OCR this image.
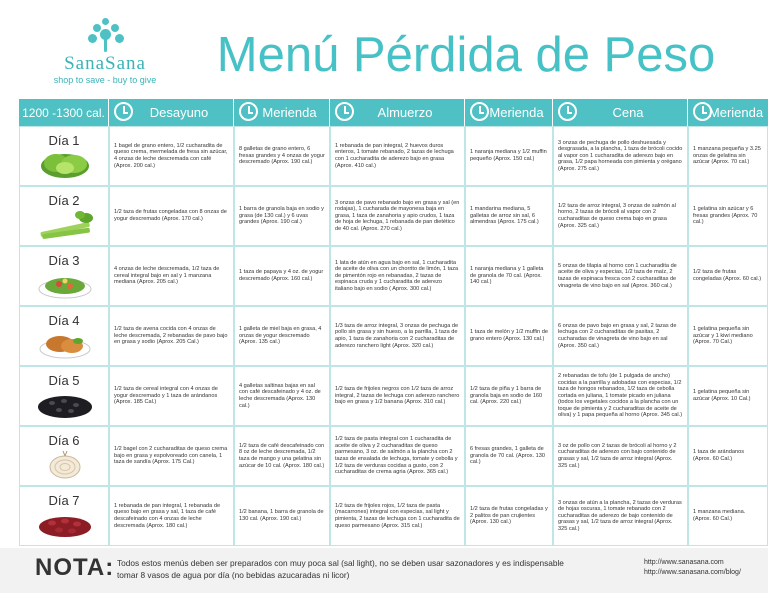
SanaSana
shop to save - buy to give	Menú Pérdida de Peso
1200 -1300 cal.	Desayuno	Merienda	Almuerzo	Merienda	Cena	Merienda
Día 1	1 bagel de grano entero, 1/2 cucharadita de queso crema, mermelada de fresa sin azúcar, 4 onzas de leche descremada con café (Aprox. 200 cal.)
8 galletas de grano entero, 6 fresas grandes y 4 onzas de yogur descremado (Aprox. 190 cal.)
1 rebanada de pan integral, 2 huevos duros enteros, 1 tomate rebanado, 2 tazas de lechuga con 1 cucharadita de aderezo bajo en grasa (Aprox. 410 cal.)
1 naranja mediana y 1/2 muffin pequeño (Aprox. 150 cal.)
3 onzas de pechuga de pollo deshuesada y desgrasada, a la plancha, 1 taza de brócoli cocido al vapor con 1 cucharadita de aderezo bajo en grasa, 1/2 papa horneada con pimienta y orégano (Aprox. 275 cal.)
1 manzana pequeña y 3.25 onzas de gelatina sin azúcar (Aprox. 70 cal.)
Día 2
1/2 taza de frutas congeladas con 8 onzas de yogur descremado (Aprox. 170 cal.)
1 barra de granola baja en sodio y grasa (de 130 cal.) y 6 uvas grandes (Aprox. 190 cal.)
3 onzas de pavo rebanado bajo en grasa y sal (en rodajas), 1 cucharada de mayonesa baja en grasa, 1 taza de zanahoria y apio crudos, 1 taza de hoja de lechuga, 1 rebanada de pan dietético de 40 cal. (Aprox. 270 cal.)
1 mandarina mediana, 5 galletas de arroz sin sal, 6 almendras (Aprox. 175 cal.)
1/2 taza de arroz integral, 3 onzas de salmón al horno, 2 tazas de brócoli al vapor con 2 cucharaditas de queso crema bajo en grasa (Aprox. 325 cal.)
1 gelatina sin azúcar y 6 fresas grandes (Aprox. 70 cal.)
Día 3
4 onzas de leche descremada, 1/2 taza de cereal integral bajo en sal y 1 manzana mediana (Aprox. 205 cal.)
1 taza de papaya y 4 oz. de yogur descremado (Aprox. 160 cal.)
1 lata de atún en agua bajo en sal, 1 cucharadita de aceite de oliva con un chorrito de limón, 1 taza de pimentón rojo en rebanadas, 2 tazas de espinaca cruda y 1 cucharadita de aderezo italiano bajo en sodio ( Aprox. 300 cal.)
1 naranja mediana y 1 galleta de granola de 70 cal. (Aprox. 140 cal.)
5 onzas de tilapia al horno con 1 cucharadita de aceite de oliva y especias, 1/2 taza de maíz, 2 tazas de espinaca fresca con 2 cucharaditas de vinagreta de vino bajo en sal (Aprox. 360 cal.)
1/2 taza de frutas congeladas (Aprox. 60 cal.)
Día 4
1/2 taza de avena cocida con 4 onzas de leche descremada, 2 rebanadas de pavo bajo en grasa y sodio (Aprox. 205 Cal.)
1 galleta de miel baja en grasa, 4 onzas de yogur descremado (Aprox. 135 cal.)
1/3 taza de arroz integral, 3 onzas de pechuga de pollo sin grasa y sin hueso, a la parrilla, 1 taza de apio, 1 taza de zanahoria con 2 cucharaditas de aderezo ranchero light (Aprox. 320 cal.)
1 taza de melón y 1/2 muffin de grano entero (Aprox. 130 cal.)
6 onzas de pavo bajo en grasa y sal, 2 tazas de lechuga con 2 cucharaditas de pasitas, 2 cucharadas de vinagreta de vino bajo en sal (Aprox. 350 cal.)
1 gelatina pequeña sin azúcar y 1 kiwi mediano (Aprox. 70 Cal.)
Día 5
1/2 taza de cereal integral con 4 onzas de yogur descremado y 1 taza de arándanos (Aprox. 185 Cal.)
4 galletas saltinas bajas en sal con café descafeinado y 4 oz. de leche descremada (Aprox. 130 cal.)
1/2 taza de frijoles negros con 1/2 taza de arroz integral, 2 tazas de lechuga con aderezo ranchero bajo en grasa y 1/2 banana (Aprox. 310 cal.)
1/2 taza de piña y 1 barra de granola baja en sodio de 160 cal. (Aprox. 220 cal.)
2 rebanadas de tofu (de 1 pulgada de ancho) cocidas a la parrilla y adobadas con especias, 1/2 taza de hongos rebanados, 1/2 taza de cebolla cortada en juliana, 1 tomate picado en juliana (todos los vegetales cocidos a la plancha con un toque de pimienta y 2 cucharaditas de aceite de oliva) y 1 papa pequeña al horno (Aprox. 345 cal.)
1 gelatina pequeña sin azúcar (Aprox. 10 Cal.)
Día 6
1/2 bagel con 2 cucharaditas de queso crema bajo en grasa y espolvoreado con canela, 1 taza de sandía (Aprox. 175 Cal.)
1/2 taza de café descafeinado con 8 oz de leche descremada, 1/2 taza de mango y una gelatina sin azúcar de 10 cal. (Aprox. 180 cal.)
1/2 taza de pasta integral con 1 cucharadita de aceite de oliva y 2 cucharaditas de queso parmesano, 3 oz. de salmón a la plancha con 2 tazas de ensalada de lechuga, tomate y cebolla y 1/2 taza de verduras cocidas a gusto, con 2 cucharaditas de crema agria (Aprox. 365 cal.)
6 fresas grandes, 1 galleta de granola de 70 cal. (Aprox. 130 cal.)
3 oz de pollo con 2 tazas de brócoli al horno y 2 cucharaditas de aderezo con bajo contenido de grasas y sal, 1/2 taza de arroz integral (Aprox. 325 cal.)
1 taza de arándanos (Aprox. 60 Cal.)
Día 7	1 rebanada de pan integral, 1 rebanada de queso bajo en grasa y sal, 1 taza de café descafeinado con 4 onzas de leche descremada (Aprox. 180 cal.)
1/2 banana, 1 barra de granola de 130 cal. (Aprox. 190 cal.)
1/2 taza de frijoles rojos, 1/2 taza de pasta (macarrones) integral con especias, sal light y pimienta, 2 tazas de lechuga con 1 cucharadita de queso parmesano (Aprox. 315 cal.)
1/2 taza de frutas congeladas y 2 palitos de pan crujientes (Aprox. 130 cal.)
3 onzas de atún a la plancha, 2 tazas de verduras de hojas oscuras, 1 tomate rebanado con 2 cucharaditas de aderezo de bajo contenido de grasas y sal, 1/2 taza de arroz integral (Aprox. 325 cal.)
1 manzana mediana. (Aprox. 60 Cal.)
NOTA: Todos estos menús deben ser preparados con muy poca sal (sal light), no se deben usar sazonadores y es indispensable tomar 8 vasos de agua por día (no bebidas azucaradas ni licor)
http://www.sanasana.com
http://www.sanasana.com/blog/
